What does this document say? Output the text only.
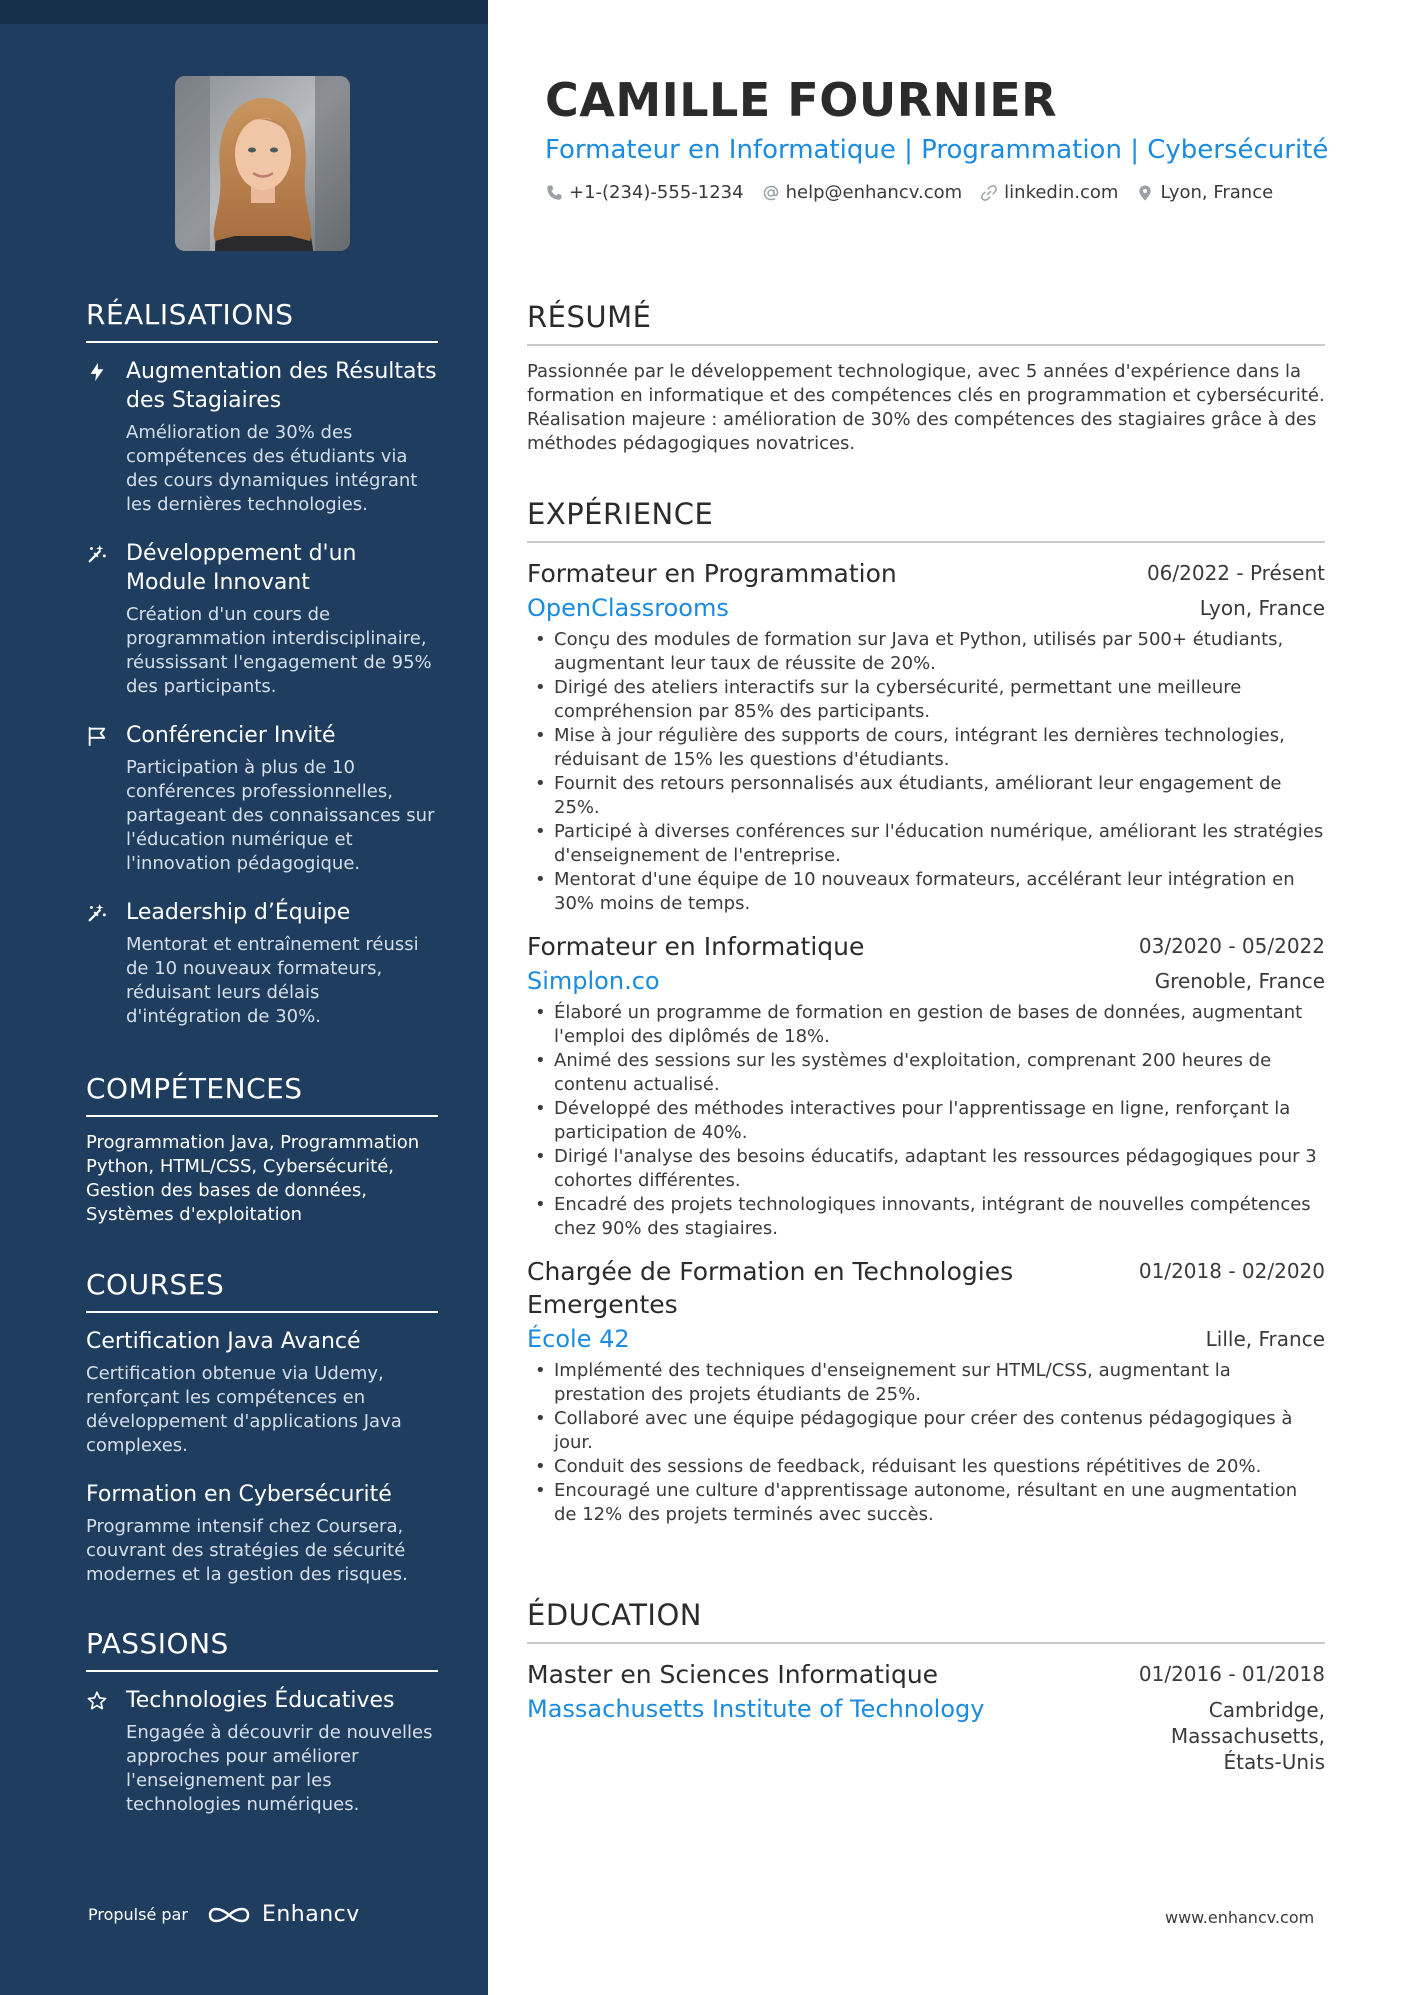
RÉALISATIONS
Augmentation des Résultats des Stagiaires
Amélioration de 30% des compétences des étudiants via des cours dynamiques intégrant les dernières technologies.
Développement d'un Module Innovant
Création d'un cours de programmation interdisciplinaire, réussissant l'engagement de 95% des participants.
Conférencier Invité
Participation à plus de 10 conférences professionnelles, partageant des connaissances sur l'éducation numérique et l'innovation pédagogique.
Leadership d’Équipe
Mentorat et entraînement réussi de 10 nouveaux formateurs, réduisant leurs délais d'intégration de 30%.
COMPÉTENCES
Programmation Java, Programmation Python, HTML/CSS, Cybersécurité, Gestion des bases de données, Systèmes d'exploitation
COURSES
Certification Java Avancé
Certification obtenue via Udemy, renforçant les compétences en développement d'applications Java complexes.
Formation en Cybersécurité
Programme intensif chez Coursera, couvrant des stratégies de sécurité modernes et la gestion des risques.
PASSIONS
Technologies Éducatives
Engagée à découvrir de nouvelles approches pour améliorer l'enseignement par les technologies numériques.
Propulsé par	Enhancv
CAMILLE FOURNIER
Formateur en Informatique | Programmation | Cybersécurité
+1-(234)-555-1234 help@enhancv.com linkedin.com Lyon, France
RÉSUMÉ

Passionnée par le développement technologique, avec 5 années d'expérience dans la formation en informatique et des compétences clés en programmation et cybersécurité. Réalisation majeure : amélioration de 30% des compétences des stagiaires grâce à des méthodes pédagogiques novatrices.

EXPÉRIENCE
Formateur en Programmation	06/2022 - Présent
OpenClassrooms	Lyon, France
• Conçu des modules de formation sur Java et Python, utilisés par 500+ étudiants, augmentant leur taux de réussite de 20%.
• Dirigé des ateliers interactifs sur la cybersécurité, permettant une meilleure compréhension par 85% des participants.
• Mise à jour régulière des supports de cours, intégrant les dernières technologies, réduisant de 15% les questions d'étudiants.
• Fournit des retours personnalisés aux étudiants, améliorant leur engagement de 25%.
• Participé à diverses conférences sur l'éducation numérique, améliorant les stratégies d'enseignement de l'entreprise.
• Mentorat d'une équipe de 10 nouveaux formateurs, accélérant leur intégration en 30% moins de temps.
Formateur en Informatique	03/2020 - 05/2022
Simplon.co	Grenoble, France
• Élaboré un programme de formation en gestion de bases de données, augmentant l'emploi des diplômés de 18%.
• Animé des sessions sur les systèmes d'exploitation, comprenant 200 heures de contenu actualisé.
• Développé des méthodes interactives pour l'apprentissage en ligne, renforçant la participation de 40%.
• Dirigé l'analyse des besoins éducatifs, adaptant les ressources pédagogiques pour 3 cohortes différentes.
• Encadré des projets technologiques innovants, intégrant de nouvelles compétences chez 90% des stagiaires.
Chargée de Formation en Technologies Emergentes
01/2018 - 02/2020
École 42	Lille, France
• Implémenté des techniques d'enseignement sur HTML/CSS, augmentant la prestation des projets étudiants de 25%.
• Collaboré avec une équipe pédagogique pour créer des contenus pédagogiques à jour.
• Conduit des sessions de feedback, réduisant les questions répétitives de 20%.
• Encouragé une culture d'apprentissage autonome, résultant en une augmentation de 12% des projets terminés avec succès.
ÉDUCATION
Master en Sciences Informatique	01/2016 - 01/2018
Massachusetts Institute of Technology	Cambridge,
Massachusetts,
États-Unis
www.enhancv.com
